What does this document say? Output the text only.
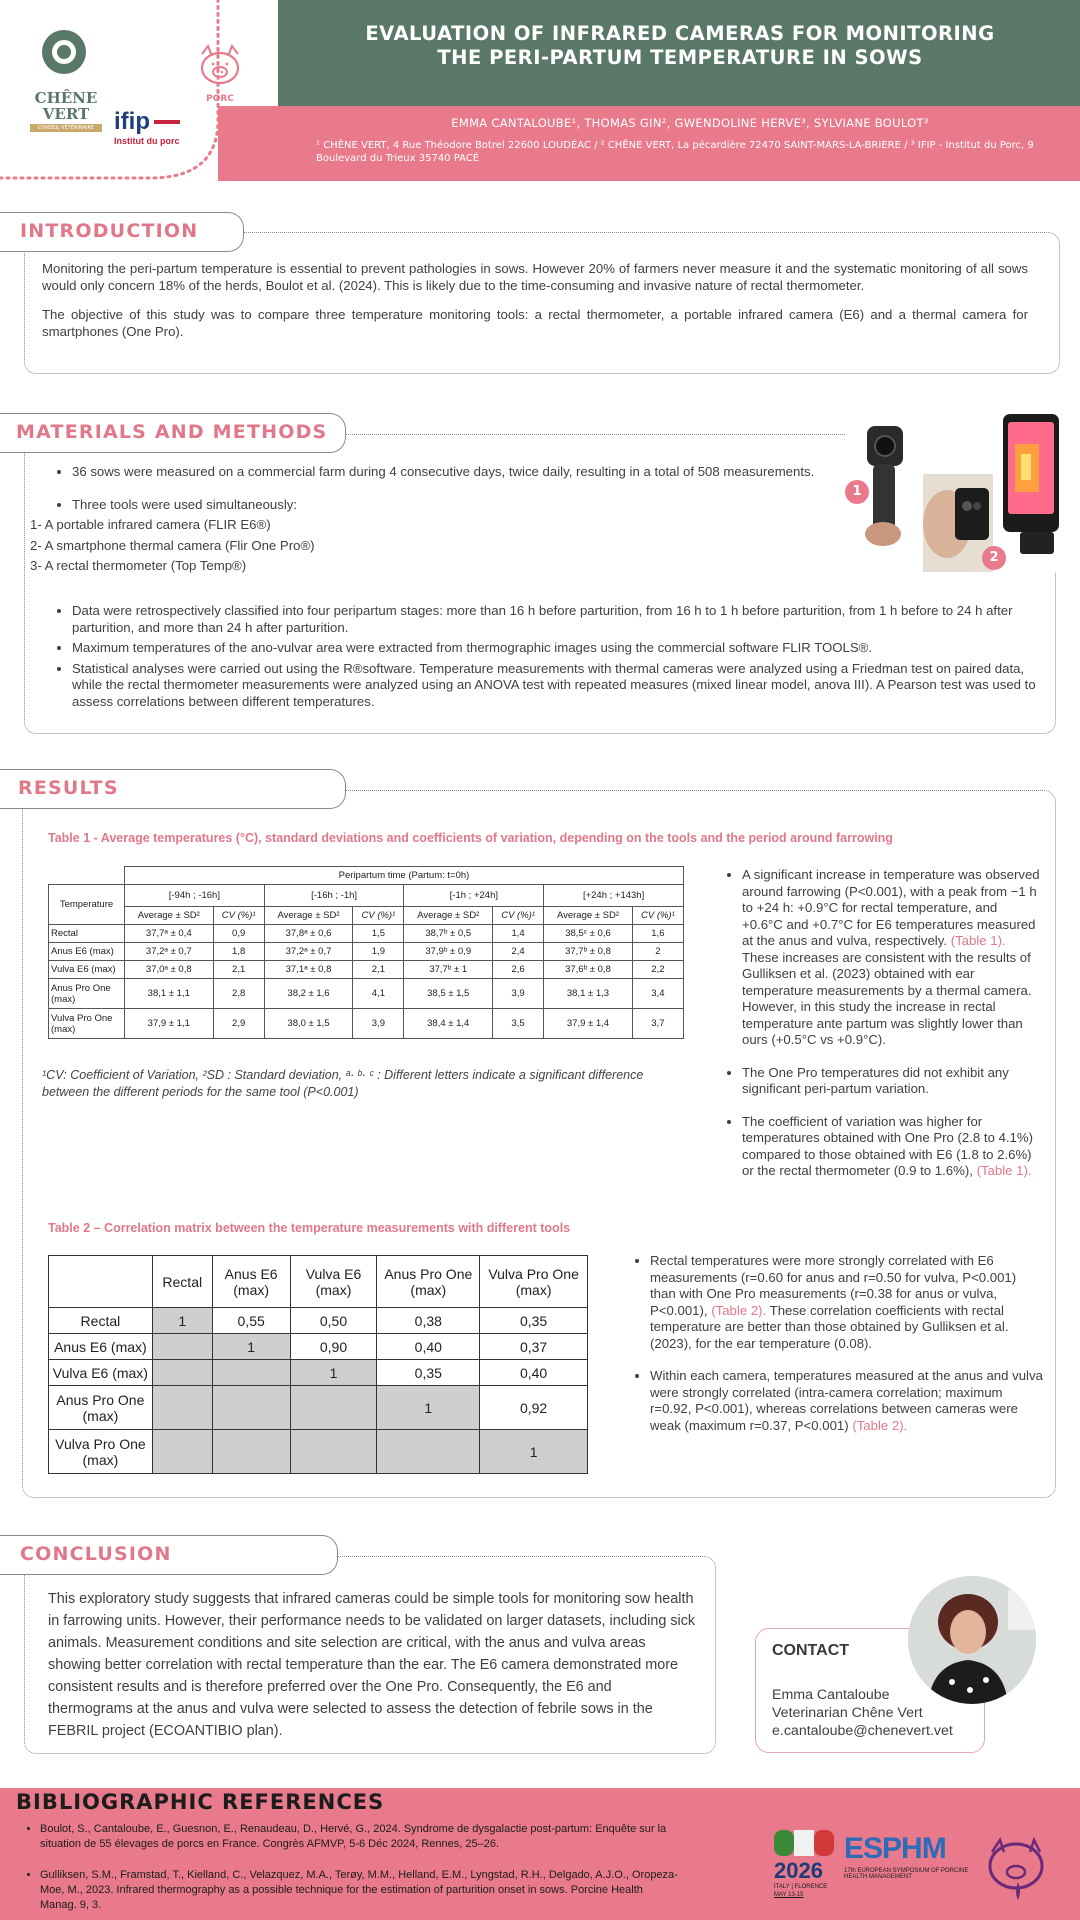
CHÊNE VERT
CONSEIL VÉTÉRINAIRE
PORC
ifip
Institut du porc
EVALUATION OF INFRARED CAMERAS FOR MONITORING
THE PERI-PARTUM TEMPERATURE IN SOWS
EMMA CANTALOUBE¹, THOMAS GIN², GWENDOLINE HERVE³, SYLVIANE BOULOT³
¹ CHÊNE VERT, 4 Rue Théodore Botrel 22600 LOUDÉAC / ² CHÊNE VERT, La pécardière 72470 SAINT-MARS-LA-BRIERE / ³ IFIP - Institut du Porc, 9 Boulevard du Trieux 35740 PACÉ
INTRODUCTION

Monitoring the peri-partum temperature is essential to prevent pathologies in sows. However 20% of farmers never measure it and the systematic monitoring of all sows would only concern 18% of the herds, Boulot et al. (2024). This is likely due to the time-consuming and invasive nature of rectal thermometer.

The objective of this study was to compare three temperature monitoring tools: a rectal thermometer, a portable infrared camera (E6) and a thermal camera for smartphones (One Pro).

MATERIALS AND METHODS
• 36 sows were measured on a commercial farm during 4 consecutive days, twice daily, resulting in a total of 508 measurements.
• Three tools were used simultaneously:
1- A portable infrared camera (FLIR E6®)
2- A smartphone thermal camera (Flir One Pro®)
3- A rectal thermometer (Top Temp®)
1
2
• Data were retrospectively classified into four peripartum stages: more than 16 h before parturition, from 16 h to 1 h before parturition, from 1 h before to 24 h after parturition, and more than 24 h after parturition.
• Maximum temperatures of the ano-vulvar area were extracted from thermographic images using the commercial software FLIR TOOLS®.
• Statistical analyses were carried out using the R®software. Temperature measurements with thermal cameras were analyzed using a Friedman test on paired data, while the rectal thermometer measurements were analyzed using an ANOVA test with repeated measures (mixed linear model, anova III). A Pearson test was used to assess correlations between different temperatures.
RESULTS
Table 1 - Average temperatures (°C), standard deviations and coefficients of variation, depending on the tools and the period around farrowing
	Peripartum time (Partum: t=0h)							
Temperature	[-94h ; -16h]		[-16h ; -1h]		[-1h ; +24h]		[+24h ; +143h]	
	Average ± SD²	CV (%)¹	Average ± SD²	CV (%)¹	Average ± SD²	CV (%)¹	Average ± SD²	CV (%)¹
Rectal	37,7ᵃ ± 0,4	0,9	37,8ᵃ ± 0,6	1,5	38,7ᵇ ± 0,5	1,4	38,5ᶜ ± 0,6	1,6
Anus E6 (max)	37,2ᵃ ± 0,7	1,8	37,2ᵃ ± 0,7	1,9	37,9ᵇ ± 0,9	2,4	37,7ᵇ ± 0,8	2
Vulva E6 (max)	37,0ᵃ ± 0,8	2,1	37,1ᵃ ± 0,8	2,1	37,7ᵇ ± 1	2,6	37,6ᵇ ± 0,8	2,2
Anus Pro One (max)	38,1 ± 1,1	2,8	38,2 ± 1,6	4,1	38,5 ± 1,5	3,9	38,1 ± 1,3	3,4
Vulva Pro One (max)	37,9 ± 1,1	2,9	38,0 ± 1,5	3,9	38,4 ± 1,4	3,5	37,9 ± 1,4	3,7
¹CV: Coefficient of Variation, ²SD : Standard deviation, ᵃ· ᵇ· ᶜ : Different letters indicate a significant difference between the different periods for the same tool (P<0.001)
• A significant increase in temperature was observed around farrowing (P<0.001), with a peak from −1 h to +24 h: +0.9°C for rectal temperature, and +0.6°C and +0.7°C for E6 temperatures measured at the anus and vulva, respectively. (Table 1). These increases are consistent with the results of Gulliksen et al. (2023) obtained with ear temperature measurements by a thermal camera. However, in this study the increase in rectal temperature ante partum was slightly lower than ours (+0.5°C vs +0.9°C).
• The One Pro temperatures did not exhibit any significant peri-partum variation.
• The coefficient of variation was higher for temperatures obtained with One Pro (2.8 to 4.1%) compared to those obtained with E6 (1.8 to 2.6%) or the rectal thermometer (0.9 to 1.6%), (Table 1).
Table 2 – Correlation matrix between the temperature measurements with different tools
	Rectal	Anus E6 (max)	Vulva E6 (max)	Anus Pro One (max)	Vulva Pro One (max)
Rectal	1	0,55	0,50	0,38	0,35
Anus E6 (max)		1	0,90	0,40	0,37
Vulva E6 (max)			1	0,35	0,40
Anus Pro One (max)				1	0,92
Vulva Pro One (max)					1
• Rectal temperatures were more strongly correlated with E6 measurements (r=0.60 for anus and r=0.50 for vulva, P<0.001) than with One Pro measurements (r=0.38 for anus or vulva, P<0.001), (Table 2). These correlation coefficients with rectal temperature are better than those obtained by Gulliksen et al. (2023), for the ear temperature (0.08).
• Within each camera, temperatures measured at the anus and vulva were strongly correlated (intra-camera correlation; maximum r=0.92, P<0.001), whereas correlations between cameras were weak (maximum r=0.37, P<0.001) (Table 2).
CONCLUSION
This exploratory study suggests that infrared cameras could be simple tools for monitoring sow health in farrowing units. However, their performance needs to be validated on larger datasets, including sick animals. Measurement conditions and site selection are critical, with the anus and vulva areas showing better correlation with rectal temperature than the ear. The E6 camera demonstrated more consistent results and is therefore preferred over the One Pro. Consequently, the E6 and thermograms at the anus and vulva were selected to assess the detection of febrile sows in the FEBRIL project (ECOANTIBIO plan).
CONTACT
Emma Cantaloube
Veterinarian Chêne Vert
e.cantaloube@chenevert.vet
BIBLIOGRAPHIC REFERENCES
• Boulot, S., Cantaloube, E., Guesnon, E., Renaudeau, D., Hervé, G., 2024. Syndrome de dysgalactie post-partum: Enquête sur la situation de 55 élevages de porcs en France. Congrès AFMVP, 5-6 Déc 2024, Rennes, 25–26.
• Gulliksen, S.M., Framstad, T., Kielland, C., Velazquez, M.A., Terøy, M.M., Helland, E.M., Lyngstad, R.H., Delgado, A.J.O., Oropeza-Moe, M., 2023. Infrared thermography as a possible technique for the estimation of parturition onset in sows. Porcine Health Manag. 9, 3.
2026
ITALY | FLORENCE
MAY 13-15
ESPHM
17th EUROPEAN SYMPOSIUM OF PORCINE HEALTH MANAGEMENT
